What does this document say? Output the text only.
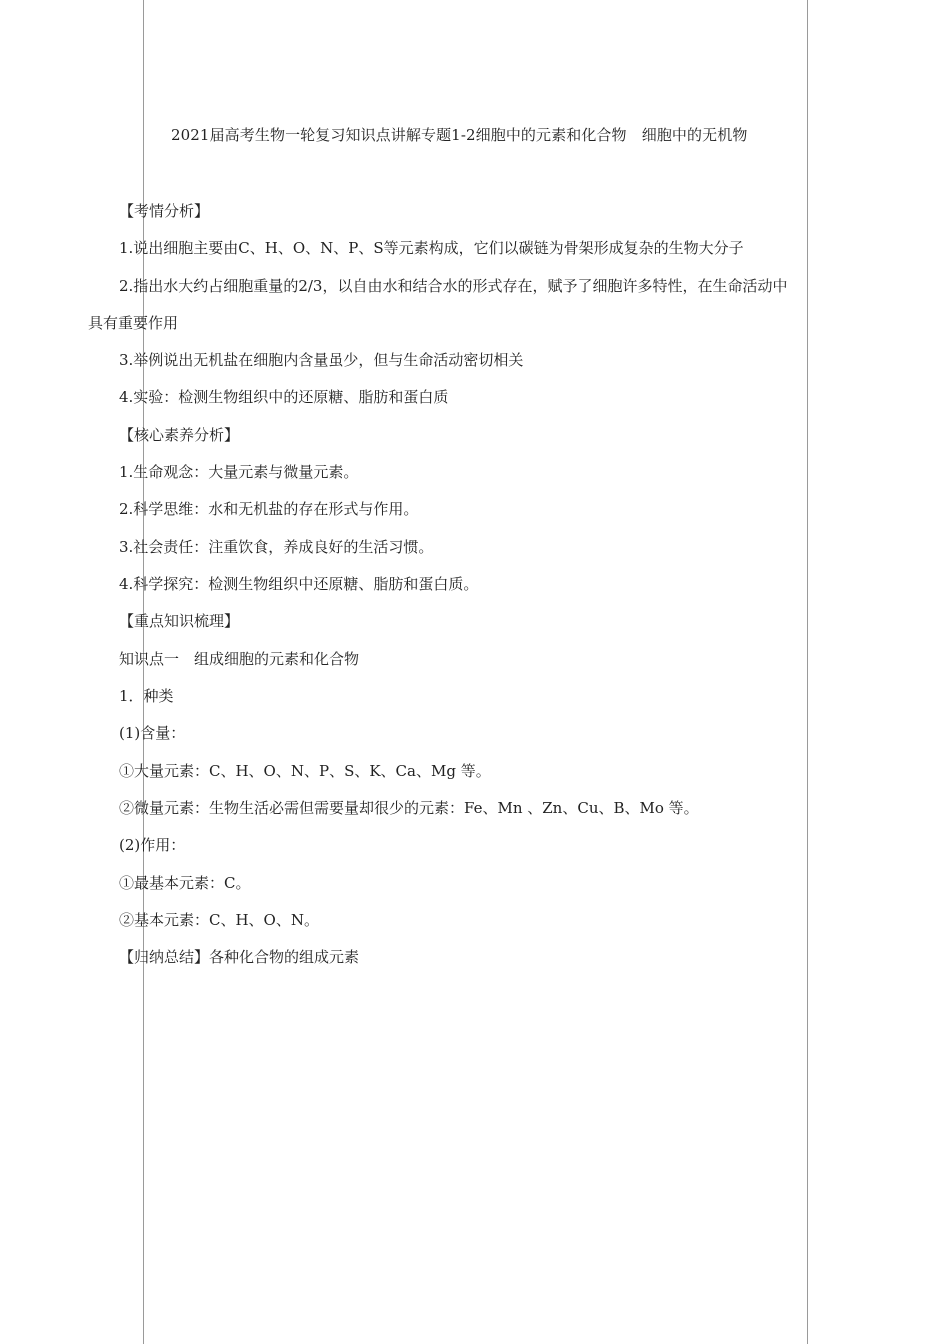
2021届高考生物一轮复习知识点讲解专题1-2细胞中的元素和化合物　细胞中的无机物
【考情分析】
1.说出细胞主要由C、H、O、N、P、S等元素构成，它们以碳链为骨架形成复杂的生物大分子
2.指出水大约占细胞重量的2/3，以自由水和结合水的形式存在，赋予了细胞许多特性，在生命活动中
具有重要作用
3.举例说出无机盐在细胞内含量虽少，但与生命活动密切相关
4.实验：检测生物组织中的还原糖、脂肪和蛋白质
【核心素养分析】
1.生命观念：大量元素与微量元素。
2.科学思维：水和无机盐的存在形式与作用。
3.社会责任：注重饮食，养成良好的生活习惯。
4.科学探究：检测生物组织中还原糖、脂肪和蛋白质。
【重点知识梳理】
知识点一　组成细胞的元素和化合物
1．种类
(1)含量：
①大量元素：C、H、O、N、P、S、K、Ca、Mg 等。
②微量元素：生物生活必需但需要量却很少的元素：Fe、Mn 、Zn、Cu、B、Mo 等。
(2)作用：
①最基本元素：C。
②基本元素：C、H、O、N。
【归纳总结】各种化合物的组成元素
